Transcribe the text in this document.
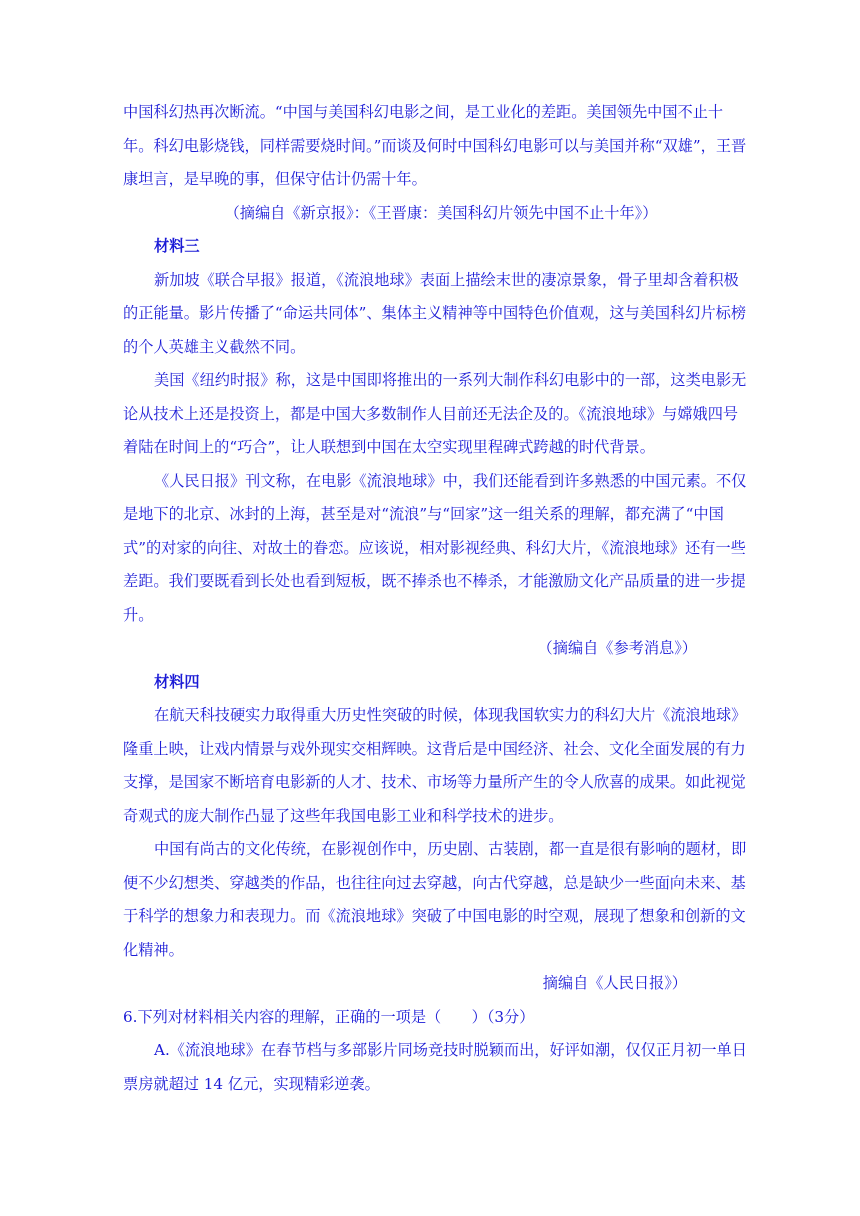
中国科幻热再次断流。“中国与美国科幻电影之间，是工业化的差距。美国领先中国不止十年。科幻电影烧钱，同样需要烧时间。”而谈及何时中国科幻电影可以与美国并称“双雄”，王晋康坦言，是早晚的事，但保守估计仍需十年。

（摘编自《新京报》：《王晋康：美国科幻片领先中国不止十年》）

材料三

新加坡《联合早报》报道，《流浪地球》表面上描绘末世的凄凉景象，骨子里却含着积极的正能量。影片传播了“命运共同体”、集体主义精神等中国特色价值观，这与美国科幻片标榜的个人英雄主义截然不同。

美国《纽约时报》称，这是中国即将推出的一系列大制作科幻电影中的一部，这类电影无论从技术上还是投资上，都是中国大多数制作人目前还无法企及的。《流浪地球》与嫦娥四号着陆在时间上的“巧合”，让人联想到中国在太空实现里程碑式跨越的时代背景。

《人民日报》刊文称，在电影《流浪地球》中，我们还能看到许多熟悉的中国元素。不仅是地下的北京、冰封的上海，甚至是对“流浪”与“回家”这一组关系的理解，都充满了“中国式”的对家的向往、对故土的眷恋。应该说，相对影视经典、科幻大片，《流浪地球》还有一些差距。我们要既看到长处也看到短板，既不捧杀也不棒杀，才能激励文化产品质量的进一步提升。

（摘编自《参考消息》）

材料四

在航天科技硬实力取得重大历史性突破的时候，体现我国软实力的科幻大片《流浪地球》隆重上映，让戏内情景与戏外现实交相辉映。这背后是中国经济、社会、文化全面发展的有力支撑，是国家不断培育电影新的人才、技术、市场等力量所产生的令人欣喜的成果。如此视觉奇观式的庞大制作凸显了这些年我国电影工业和科学技术的进步。

中国有尚古的文化传统，在影视创作中，历史剧、古装剧，都一直是很有影响的题材，即便不少幻想类、穿越类的作品，也往往向过去穿越，向古代穿越，总是缺少一些面向未来、基于科学的想象力和表现力。而《流浪地球》突破了中国电影的时空观，展现了想象和创新的文化精神。

摘编自《人民日报》）

6.下列对材料相关内容的理解，正确的一项是（　　）（3分）

A.《流浪地球》在春节档与多部影片同场竞技时脱颖而出，好评如潮，仅仅正月初一单日票房就超过 14 亿元，实现精彩逆袭。
